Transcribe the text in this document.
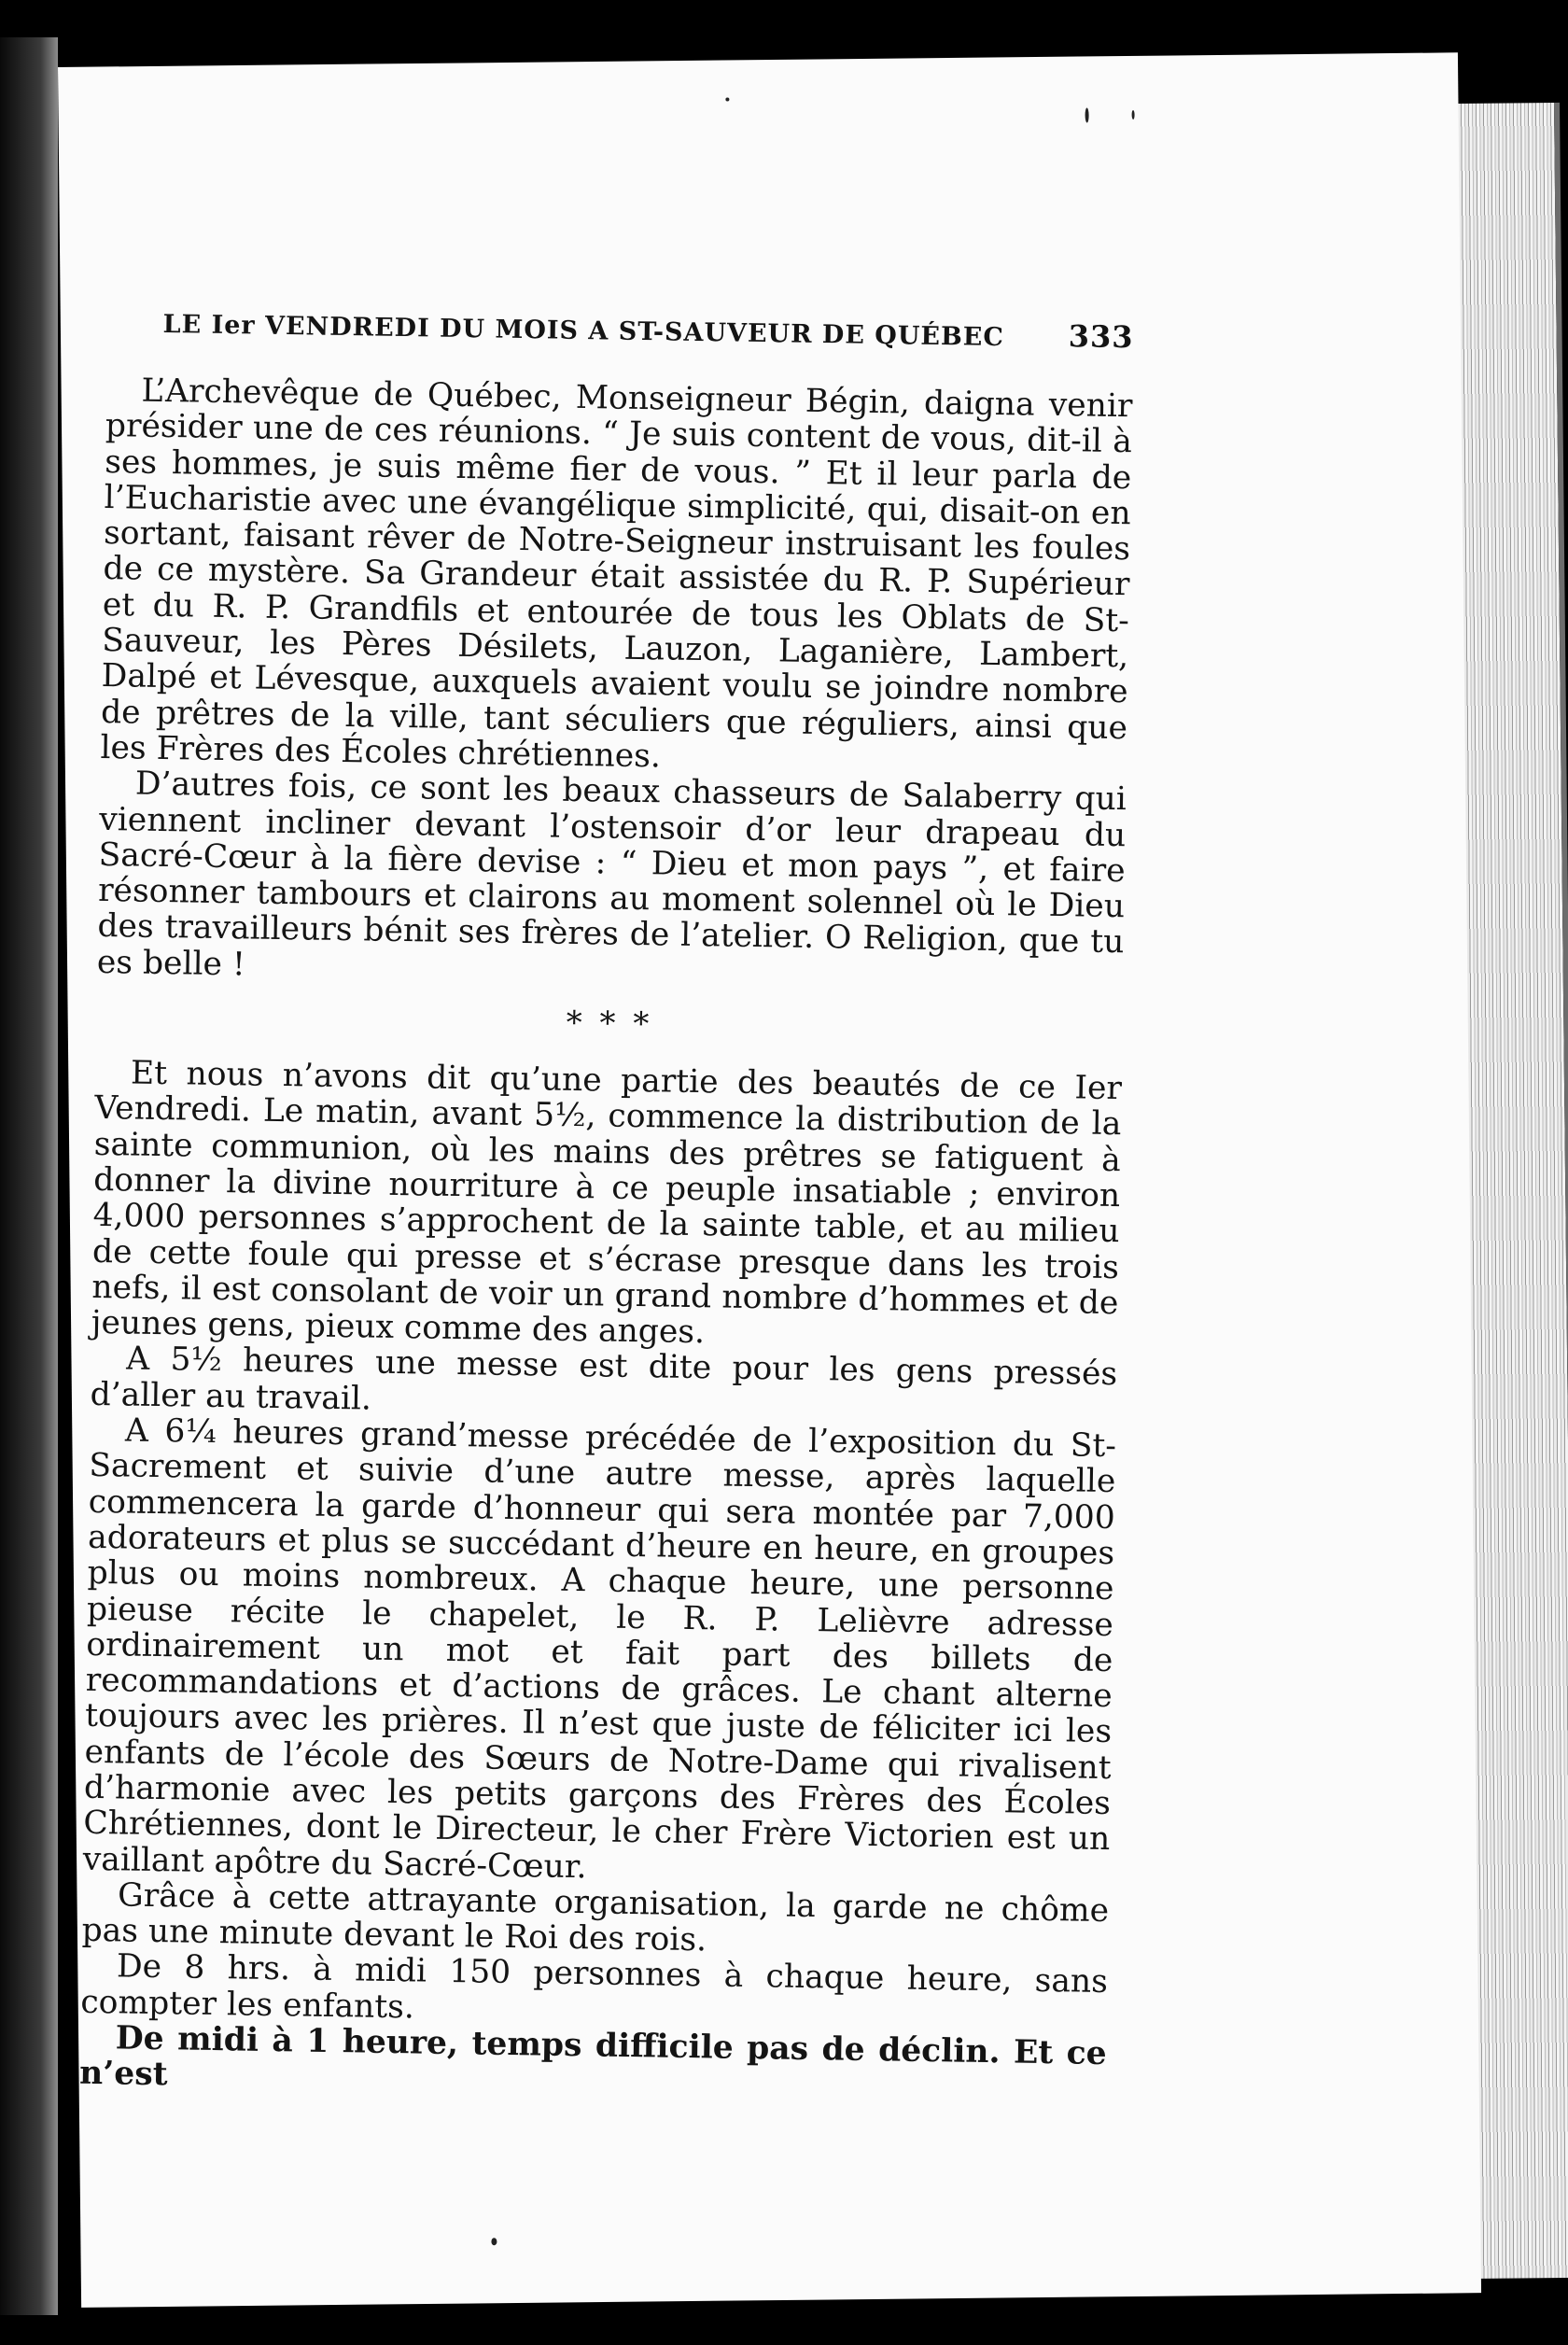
LE Ier VENDREDI DU MOIS A ST-SAUVEUR DE QUÉBEC 333

L’Archevêque de Québec, Monseigneur Bégin, daigna venir présider une de ces réunions. “ Je suis content de vous, dit-il à ses hommes, je suis même fier de vous. ” Et il leur parla de l’Eucharistie avec une évangélique simplicité, qui, disait-on en sortant, faisant rêver de Notre-Seigneur instruisant les foules de ce mystère. Sa Grandeur était assistée du R. P. Supérieur et du R. P. Grandfils et entourée de tous les Oblats de St-Sauveur, les Pères Désilets, Lauzon, Laganière, Lambert, Dalpé et Lévesque, auxquels avaient voulu se joindre nombre de prêtres de la ville, tant séculiers que réguliers, ainsi que les Frères des Écoles chrétiennes.

D’autres fois, ce sont les beaux chasseurs de Salaberry qui viennent incliner devant l’ostensoir d’or leur drapeau du Sacré-Cœur à la fière devise : “ Dieu et mon pays ”, et faire résonner tambours et clairons au moment solennel où le Dieu des travailleurs bénit ses frères de l’atelier. O Religion, que tu es belle !

* * *

Et nous n’avons dit qu’une partie des beautés de ce Ier Vendredi. Le matin, avant 5½, commence la distribution de la sainte communion, où les mains des prêtres se fatiguent à donner la divine nourriture à ce peuple insatiable ; environ 4,000 personnes s’approchent de la sainte table, et au milieu de cette foule qui presse et s’écrase presque dans les trois nefs, il est consolant de voir un grand nombre d’hommes et de jeunes gens, pieux comme des anges.

A 5½ heures une messe est dite pour les gens pressés d’aller au travail.

A 6¼ heures grand’messe précédée de l’exposition du St-Sacrement et suivie d’une autre messe, après laquelle commencera la garde d’honneur qui sera montée par 7,000 adorateurs et plus se succédant d’heure en heure, en groupes plus ou moins nombreux. A chaque heure, une personne pieuse récite le chapelet, le R. P. Lelièvre adresse ordinairement un mot et fait part des billets de recommandations et d’actions de grâces. Le chant alterne toujours avec les prières. Il n’est que juste de féliciter ici les enfants de l’école des Sœurs de Notre-Dame qui rivalisent d’harmonie avec les petits garçons des Frères des Écoles Chrétiennes, dont le Directeur, le cher Frère Victorien est un vaillant apôtre du Sacré-Cœur.

Grâce à cette attrayante organisation, la garde ne chôme pas une minute devant le Roi des rois.

De 8 hrs. à midi 150 personnes à chaque heure, sans compter les enfants.

De midi à 1 heure, temps difficile pas de déclin. Et ce n’est
